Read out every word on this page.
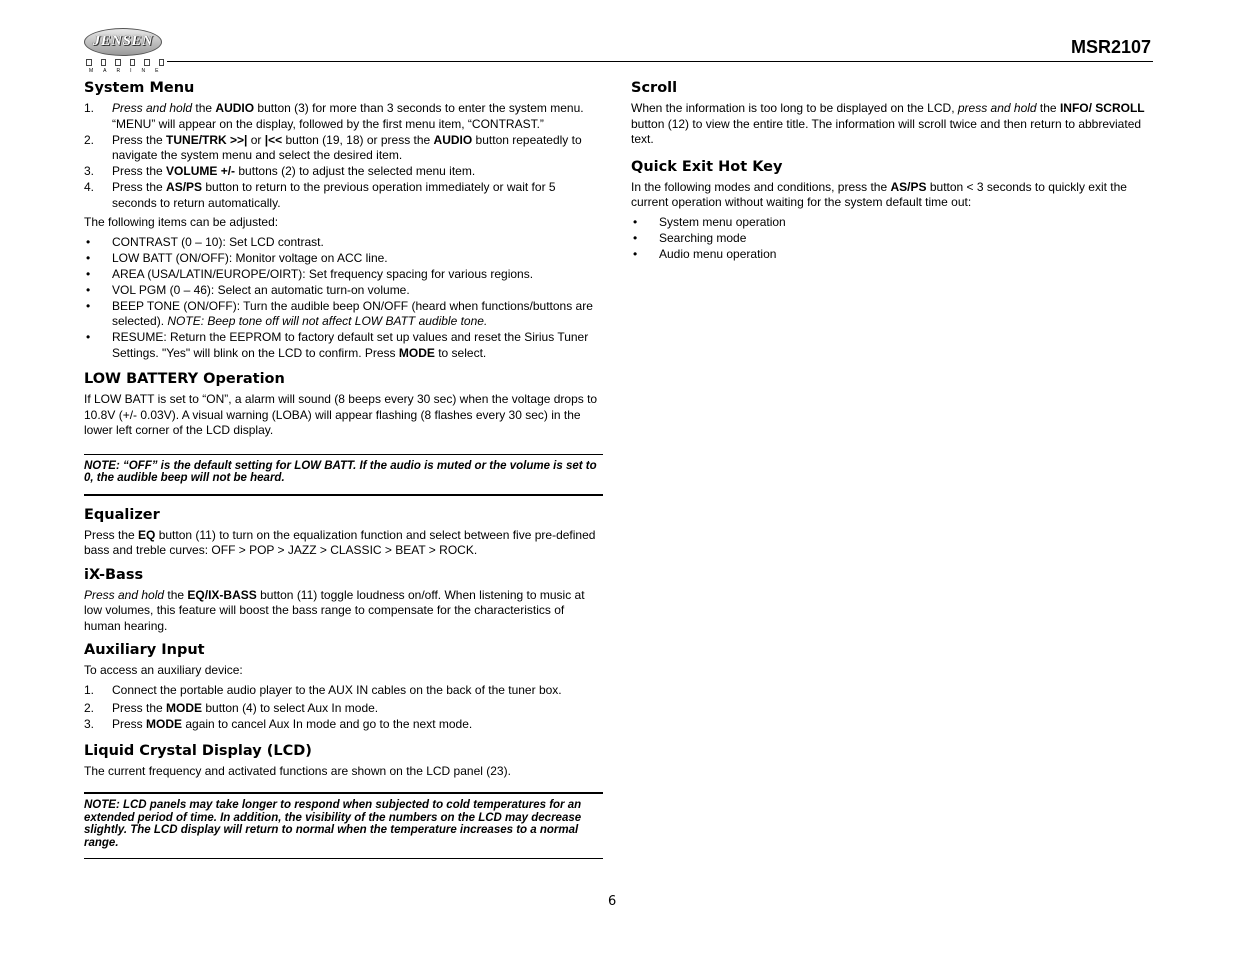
JENSEN
MARINE
MSR2107
System Menu
1. Press and hold the AUDIO button (3) for more than 3 seconds to enter the system menu. “MENU” will appear on the display, followed by the first menu item, “CONTRAST.”
2. Press the TUNE/TRK >>| or |<< button (19, 18) or press the AUDIO button repeatedly to navigate the system menu and select the desired item.
3. Press the VOLUME +/- buttons (2) to adjust the selected menu item.
4. Press the AS/PS button to return to the previous operation immediately or wait for 5 seconds to return automatically.

The following items can be adjusted:

• CONTRAST (0 – 10): Set LCD contrast.
• LOW BATT (ON/OFF): Monitor voltage on ACC line.
• AREA (USA/LATIN/EUROPE/OIRT): Set frequency spacing for various regions.
• VOL PGM (0 – 46): Select an automatic turn-on volume.
• BEEP TONE (ON/OFF): Turn the audible beep ON/OFF (heard when functions/buttons are selected). NOTE: Beep tone off will not affect LOW BATT audible tone.
• RESUME: Return the EEPROM to factory default set up values and reset the Sirius Tuner Settings. "Yes" will blink on the LCD to confirm. Press MODE to select.
LOW BATTERY Operation

If LOW BATT is set to “ON”, a alarm will sound (8 beeps every 30 sec) when the voltage drops to 10.8V (+/- 0.03V). A visual warning (LOBA) will appear flashing (8 flashes every 30 sec) in the lower left corner of the LCD display.

NOTE: “OFF” is the default setting for LOW BATT. If the audio is muted or the volume is set to 0, the audible beep will not be heard.
Equalizer

Press the EQ button (11) to turn on the equalization function and select between five pre-defined bass and treble curves: OFF > POP > JAZZ > CLASSIC > BEAT > ROCK.

iX-Bass

Press and hold the EQ/IX-BASS button (11) toggle loudness on/off. When listening to music at low volumes, this feature will boost the bass range to compensate for the characteristics of human hearing.

Auxiliary Input

To access an auxiliary device:

1. Connect the portable audio player to the AUX IN cables on the back of the tuner box.
2. Press the MODE button (4) to select Aux In mode.
3. Press MODE again to cancel Aux In mode and go to the next mode.
Liquid Crystal Display (LCD)

The current frequency and activated functions are shown on the LCD panel (23).

NOTE: LCD panels may take longer to respond when subjected to cold temperatures for an extended period of time. In addition, the visibility of the numbers on the LCD may decrease slightly. The LCD display will return to normal when the temperature increases to a normal range.
Scroll

When the information is too long to be displayed on the LCD, press and hold the INFO/ SCROLL button (12) to view the entire title. The information will scroll twice and then return to abbreviated text.

Quick Exit Hot Key

In the following modes and conditions, press the AS/PS button < 3 seconds to quickly exit the current operation without waiting for the system default time out:

• System menu operation
• Searching mode
• Audio menu operation
6
